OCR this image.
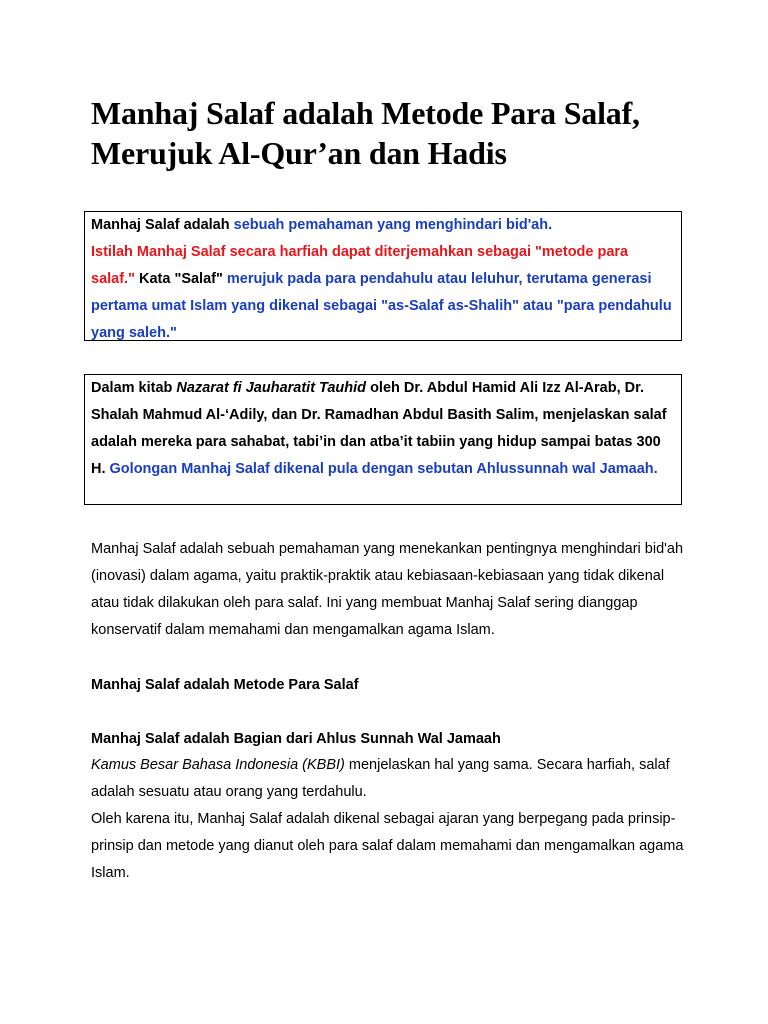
Manhaj Salaf adalah Metode Para Salaf,
Merujuk Al-Qur’an dan Hadis

Manhaj Salaf adalah sebuah pemahaman yang menghindari bid'ah.

Istilah Manhaj Salaf secara harfiah dapat diterjemahkan sebagai "metode para salaf." Kata "Salaf" merujuk pada para pendahulu atau leluhur, terutama generasi pertama umat Islam yang dikenal sebagai "as-Salaf as-Shalih" atau "para pendahulu yang saleh."

Dalam kitab Nazarat fi Jauharatit Tauhid oleh Dr. Abdul Hamid Ali Izz Al-Arab, Dr. Shalah Mahmud Al-‘Adily, dan Dr. Ramadhan Abdul Basith Salim, menjelaskan salaf adalah mereka para sahabat, tabi’in dan atba’it tabiin yang hidup sampai batas 300 H. Golongan Manhaj Salaf dikenal pula dengan sebutan Ahlussunnah wal Jamaah.

Manhaj Salaf adalah sebuah pemahaman yang menekankan pentingnya menghindari bid'ah (inovasi) dalam agama, yaitu praktik-praktik atau kebiasaan-kebiasaan yang tidak dikenal atau tidak dilakukan oleh para salaf. Ini yang membuat Manhaj Salaf sering dianggap konservatif dalam memahami dan mengamalkan agama Islam.

Manhaj Salaf adalah Metode Para Salaf

Manhaj Salaf adalah Bagian dari Ahlus Sunnah Wal Jamaah

Kamus Besar Bahasa Indonesia (KBBI) menjelaskan hal yang sama. Secara harfiah, salaf adalah sesuatu atau orang yang terdahulu.

Oleh karena itu, Manhaj Salaf adalah dikenal sebagai ajaran yang berpegang pada prinsip-prinsip dan metode yang dianut oleh para salaf dalam memahami dan mengamalkan agama Islam.
